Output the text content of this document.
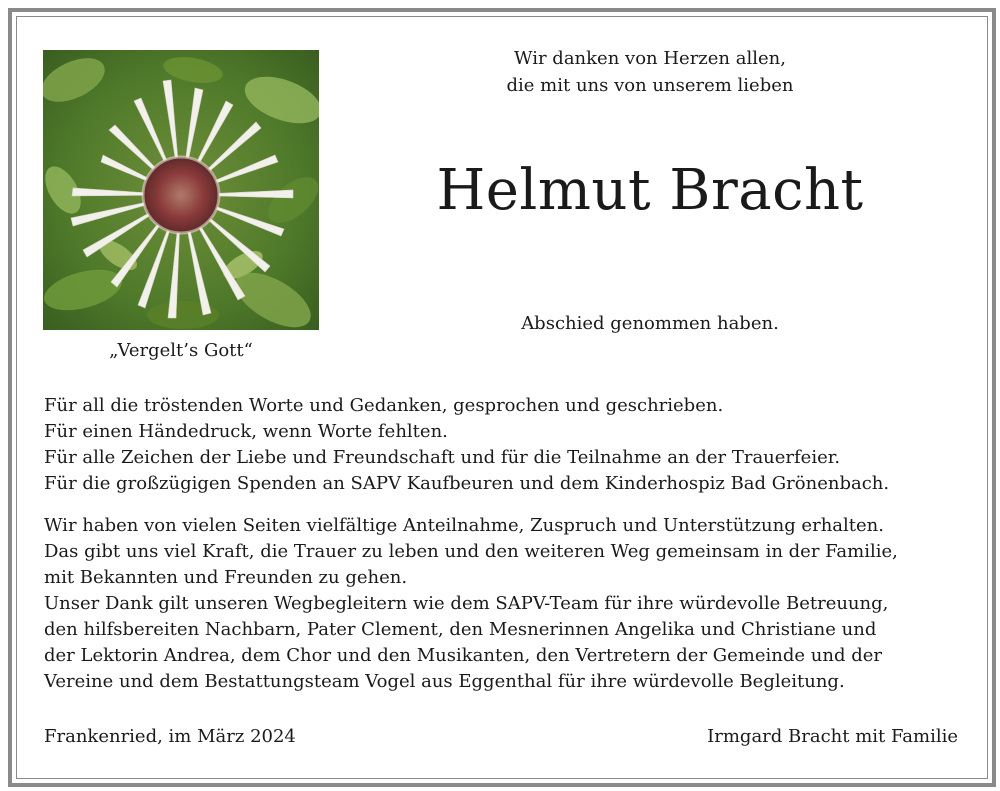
„Vergelt’s Gott“
Wir danken von Herzen allen,
die mit uns von unserem lieben
Helmut Bracht
Abschied genommen haben.
Für all die tröstenden Worte und Gedanken, gesprochen und geschrieben.
Für einen Händedruck, wenn Worte fehlten.
Für alle Zeichen der Liebe und Freundschaft und für die Teilnahme an der Trauerfeier.
Für die großzügigen Spenden an SAPV Kaufbeuren und dem Kinderhospiz Bad Grönenbach.
Wir haben von vielen Seiten vielfältige Anteilnahme, Zuspruch und Unterstützung erhalten.
Das gibt uns viel Kraft, die Trauer zu leben und den weiteren Weg gemeinsam in der Familie,
mit Bekannten und Freunden zu gehen.
Unser Dank gilt unseren Wegbegleitern wie dem SAPV-Team für ihre würdevolle Betreuung,
den hilfsbereiten Nachbarn, Pater Clement, den Mesnerinnen Angelika und Christiane und
der Lektorin Andrea, dem Chor und den Musikanten, den Vertretern der Gemeinde und der
Vereine und dem Bestattungsteam Vogel aus Eggenthal für ihre würdevolle Begleitung.
Frankenried, im März 2024	Irmgard Bracht mit Familie
